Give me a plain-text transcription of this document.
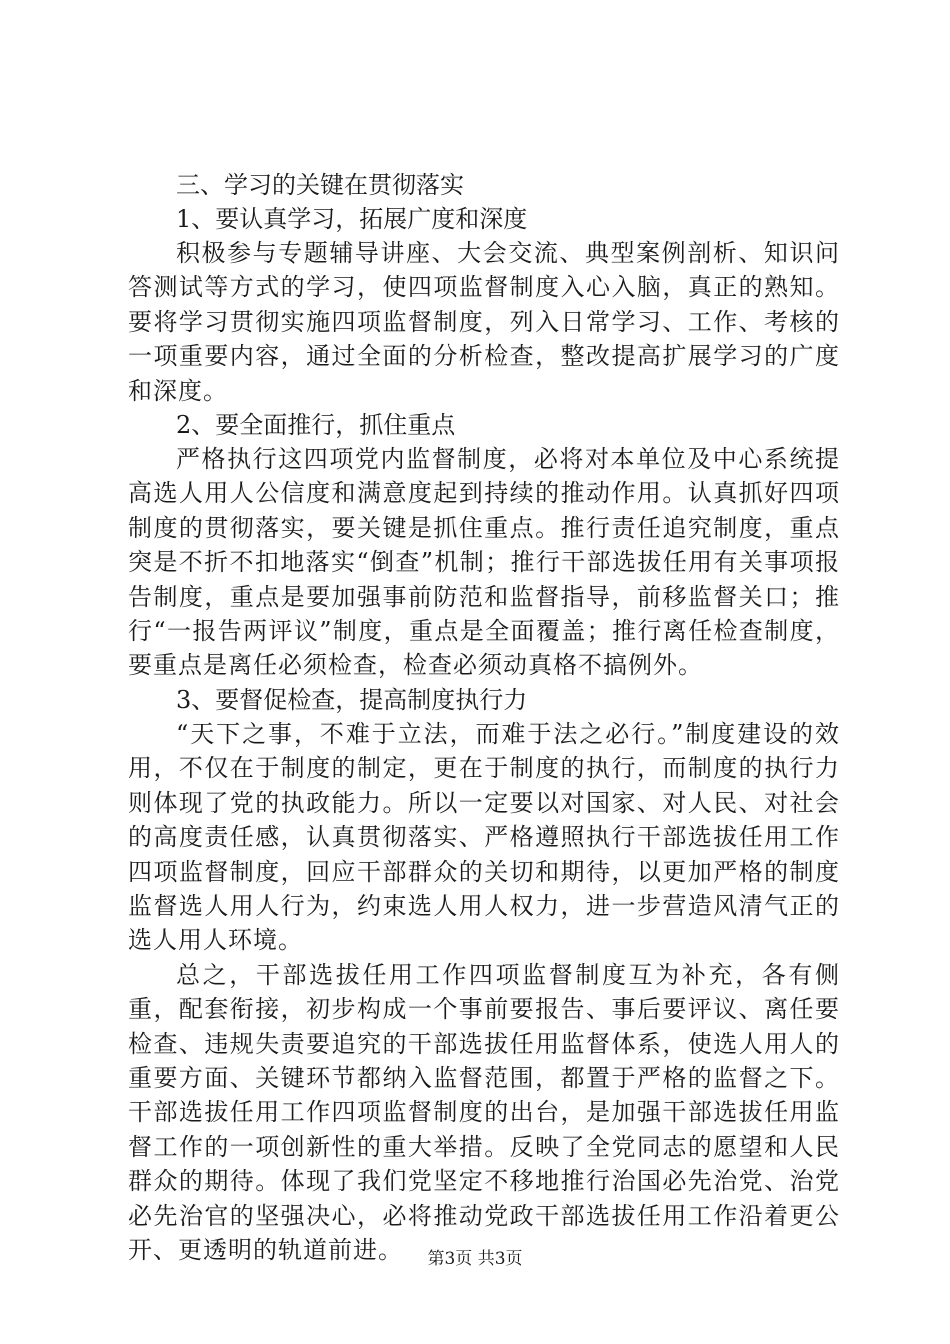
三、学习的关键在贯彻落实

1、要认真学习，拓展广度和深度

积极参与专题辅导讲座、大会交流、典型案例剖析、知识问答测试等方式的学习，使四项监督制度入心入脑，真正的熟知。要将学习贯彻实施四项监督制度，列入日常学习、工作、考核的一项重要内容，通过全面的分析检查，整改提高扩展学习的广度和深度。

2、要全面推行，抓住重点

严格执行这四项党内监督制度，必将对本单位及中心系统提高选人用人公信度和满意度起到持续的推动作用。认真抓好四项制度的贯彻落实，要关键是抓住重点。推行责任追究制度，重点突是不折不扣地落实“倒查”机制；推行干部选拔任用有关事项报告制度，重点是要加强事前防范和监督指导，前移监督关口；推行“一报告两评议”制度，重点是全面覆盖；推行离任检查制度，要重点是离任必须检查，检查必须动真格不搞例外。

3、要督促检查，提高制度执行力

“天下之事，不难于立法，而难于法之必行。”制度建设的效用，不仅在于制度的制定，更在于制度的执行，而制度的执行力则体现了党的执政能力。所以一定要以对国家、对人民、对社会的高度责任感，认真贯彻落实、严格遵照执行干部选拔任用工作四项监督制度，回应干部群众的关切和期待，以更加严格的制度监督选人用人行为，约束选人用人权力，进一步营造风清气正的选人用人环境。

总之，干部选拔任用工作四项监督制度互为补充，各有侧重，配套衔接，初步构成一个事前要报告、事后要评议、离任要检查、违规失责要追究的干部选拔任用监督体系，使选人用人的重要方面、关键环节都纳入监督范围，都置于严格的监督之下。干部选拔任用工作四项监督制度的出台，是加强干部选拔任用监督工作的一项创新性的重大举措。反映了全党同志的愿望和人民群众的期待。体现了我们党坚定不移地推行治国必先治党、治党必先治官的坚强决心，必将推动党政干部选拔任用工作沿着更公开、更透明的轨道前进。	第3页 共3页
